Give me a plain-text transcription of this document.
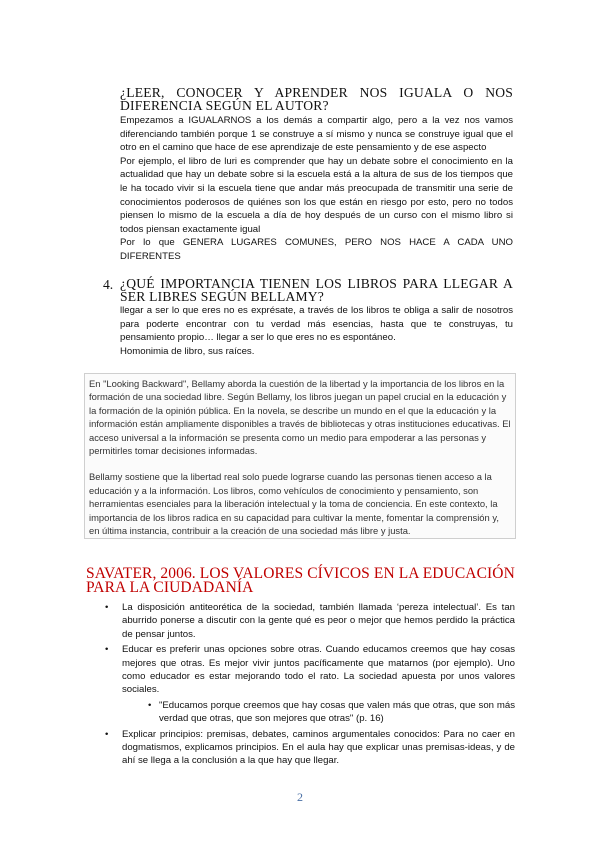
¿LEER, CONOCER Y APRENDER NOS IGUALA O NOS DIFERENCIA SEGÚN EL AUTOR?

Empezamos a IGUALARNOS a los demás a compartir algo, pero a la vez nos vamos diferenciando también porque 1 se construye a sí mismo y nunca se construye igual que el otro en el camino que hace de ese aprendizaje de este pensamiento y de ese aspecto

Por ejemplo, el libro de luri es comprender que hay un debate sobre el conocimiento en la actualidad que hay un debate sobre si la escuela está a la altura de sus de los tiempos que le ha tocado vivir si la escuela tiene que andar más preocupada de transmitir una serie de conocimientos poderosos de quiénes son los que están en riesgo por esto, pero no todos piensen lo mismo de la escuela a día de hoy después de un curso con el mismo libro si todos piensan exactamente igual

Por lo que GENERA LUGARES COMUNES, PERO NOS HACE A CADA UNO DIFERENTES

4. ¿QUÉ IMPORTANCIA TIENEN LOS LIBROS PARA LLEGAR A SER LIBRES SEGÚN BELLAMY?

llegar a ser lo que eres no es exprésate, a través de los libros te obliga a salir de nosotros para poderte encontrar con tu verdad más esencias, hasta que te construyas, tu pensamiento propio… llegar a ser lo que eres no es espontáneo.

Homonimia de libro, sus raíces.

En "Looking Backward", Bellamy aborda la cuestión de la libertad y la importancia de los libros en la formación de una sociedad libre. Según Bellamy, los libros juegan un papel crucial en la educación y la formación de la opinión pública. En la novela, se describe un mundo en el que la educación y la información están ampliamente disponibles a través de bibliotecas y otras instituciones educativas. El acceso universal a la información se presenta como un medio para empoderar a las personas y permitirles tomar decisiones informadas.

Bellamy sostiene que la libertad real solo puede lograrse cuando las personas tienen acceso a la educación y a la información. Los libros, como vehículos de conocimiento y pensamiento, son herramientas esenciales para la liberación intelectual y la toma de conciencia. En este contexto, la importancia de los libros radica en su capacidad para cultivar la mente, fomentar la comprensión y, en última instancia, contribuir a la creación de una sociedad más libre y justa.

SAVATER, 2006. LOS VALORES CÍVICOS EN LA EDUCACIÓN PARA LA CIUDADANÍA
• La disposición antiteorética de la sociedad, también llamada ‘pereza intelectual’. Es tan aburrido ponerse a discutir con la gente qué es peor o mejor que hemos perdido la práctica de pensar juntos.
• Educar es preferir unas opciones sobre otras. Cuando educamos creemos que hay cosas mejores que otras. Es mejor vivir juntos pacíficamente que matarnos (por ejemplo). Uno como educador es estar mejorando todo el rato. La sociedad apuesta por unos valores sociales.
• "Educamos porque creemos que hay cosas que valen más que otras, que son más verdad que otras, que son mejores que otras" (p. 16)
• Explicar principios: premisas, debates, caminos argumentales conocidos: Para no caer en dogmatismos, explicamos principios. En el aula hay que explicar unas premisas-ideas, y de ahí se llega a la conclusión a la que hay que llegar.
2
